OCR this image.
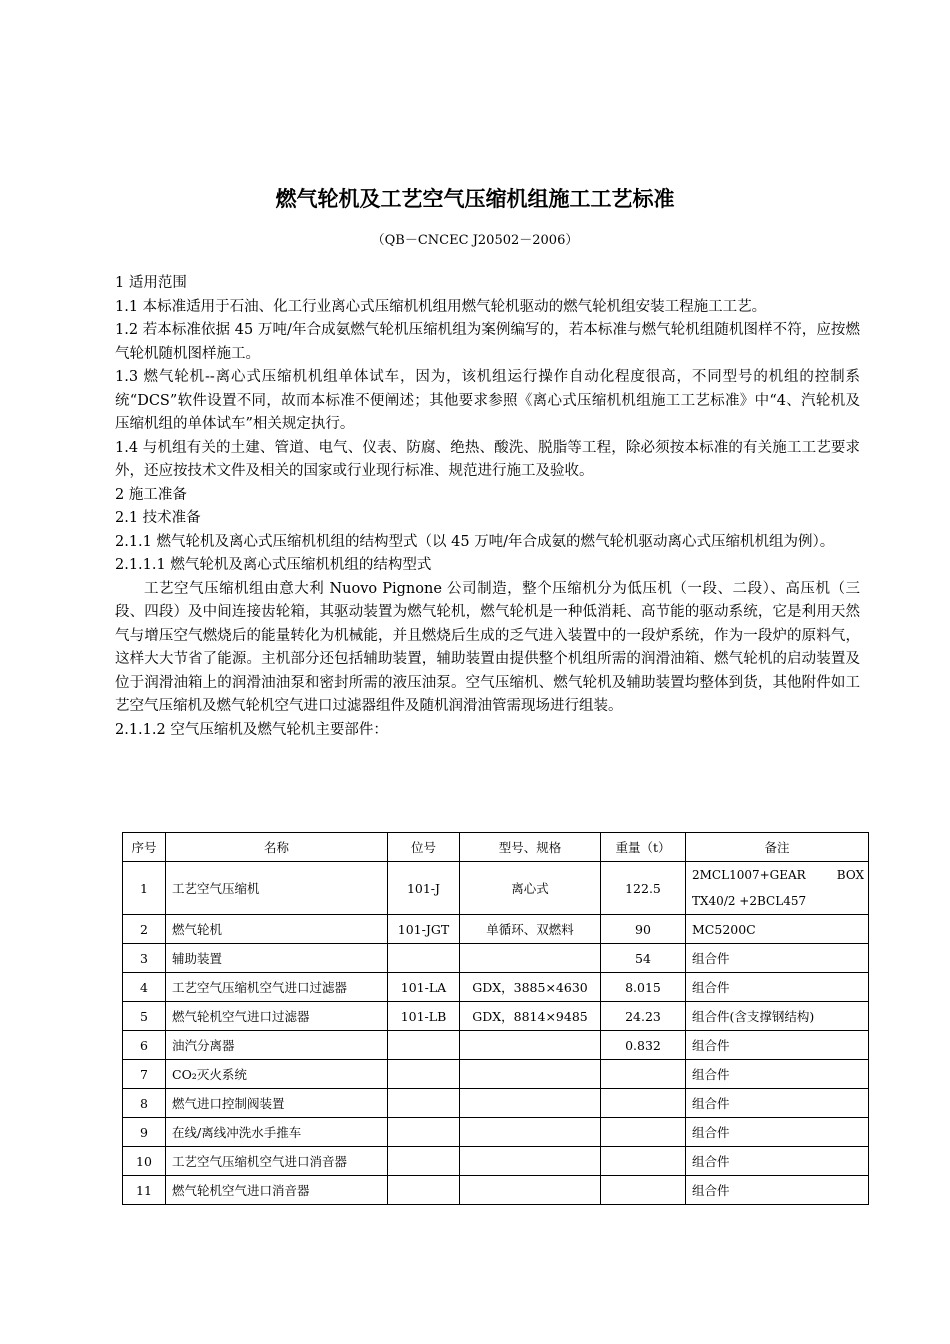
燃气轮机及工艺空气压缩机组施工工艺标准
（QB－CNCEC J20502－2006）

1 适用范围

1.1 本标准适用于石油、化工行业离心式压缩机机组用燃气轮机驱动的燃气轮机组安装工程施工工艺。

1.2 若本标准依据 45 万吨/年合成氨燃气轮机压缩机组为案例编写的，若本标准与燃气轮机组随机图样不符，应按燃气轮机随机图样施工。

1.3 燃气轮机--离心式压缩机机组单体试车，因为，该机组运行操作自动化程度很高，不同型号的机组的控制系统“DCS”软件设置不同，故而本标准不便阐述；其他要求参照《离心式压缩机机组施工工艺标准》中“4、汽轮机及压缩机组的单体试车”相关规定执行。

1.4 与机组有关的土建、管道、电气、仪表、防腐、绝热、酸洗、脱脂等工程，除必须按本标准的有关施工工艺要求外，还应按技术文件及相关的国家或行业现行标准、规范进行施工及验收。

2 施工准备

2.1 技术准备

2.1.1 燃气轮机及离心式压缩机机组的结构型式（以 45 万吨/年合成氨的燃气轮机驱动离心式压缩机机组为例）。

2.1.1.1 燃气轮机及离心式压缩机机组的结构型式

工艺空气压缩机组由意大利 Nuovo Pignone 公司制造，整个压缩机分为低压机（一段、二段）、高压机（三段、四段）及中间连接齿轮箱，其驱动装置为燃气轮机，燃气轮机是一种低消耗、高节能的驱动系统，它是利用天然气与增压空气燃烧后的能量转化为机械能，并且燃烧后生成的乏气进入装置中的一段炉系统，作为一段炉的原料气，这样大大节省了能源。主机部分还包括辅助装置，辅助装置由提供整个机组所需的润滑油箱、燃气轮机的启动装置及位于润滑油箱上的润滑油油泵和密封所需的液压油泵。空气压缩机、燃气轮机及辅助装置均整体到货，其他附件如工艺空气压缩机及燃气轮机空气进口过滤器组件及随机润滑油管需现场进行组装。

2.1.1.2 空气压缩机及燃气轮机主要部件：

序号	名称	位号	型号、规格	重量（t）	备注
1	工艺空气压缩机	101-J	离心式	122.5	2MCL1007+GEAR BOX
TX40/2 +2BCL457

2	燃气轮机	101-JGT	单循环、双燃料	90	MC5200C
3	辅助装置			54	组合件
4	工艺空气压缩机空气进口过滤器	101-LA	GDX，3885×4630	8.015	组合件
5	燃气轮机空气进口过滤器	101-LB	GDX，8814×9485	24.23	组合件(含支撑钢结构)
6	油汽分离器			0.832	组合件
7	CO₂灭火系统				组合件
8	燃气进口控制阀装置				组合件
9	在线/离线冲洗水手推车				组合件
10	工艺空气压缩机空气进口消音器				组合件
11	燃气轮机空气进口消音器				组合件
